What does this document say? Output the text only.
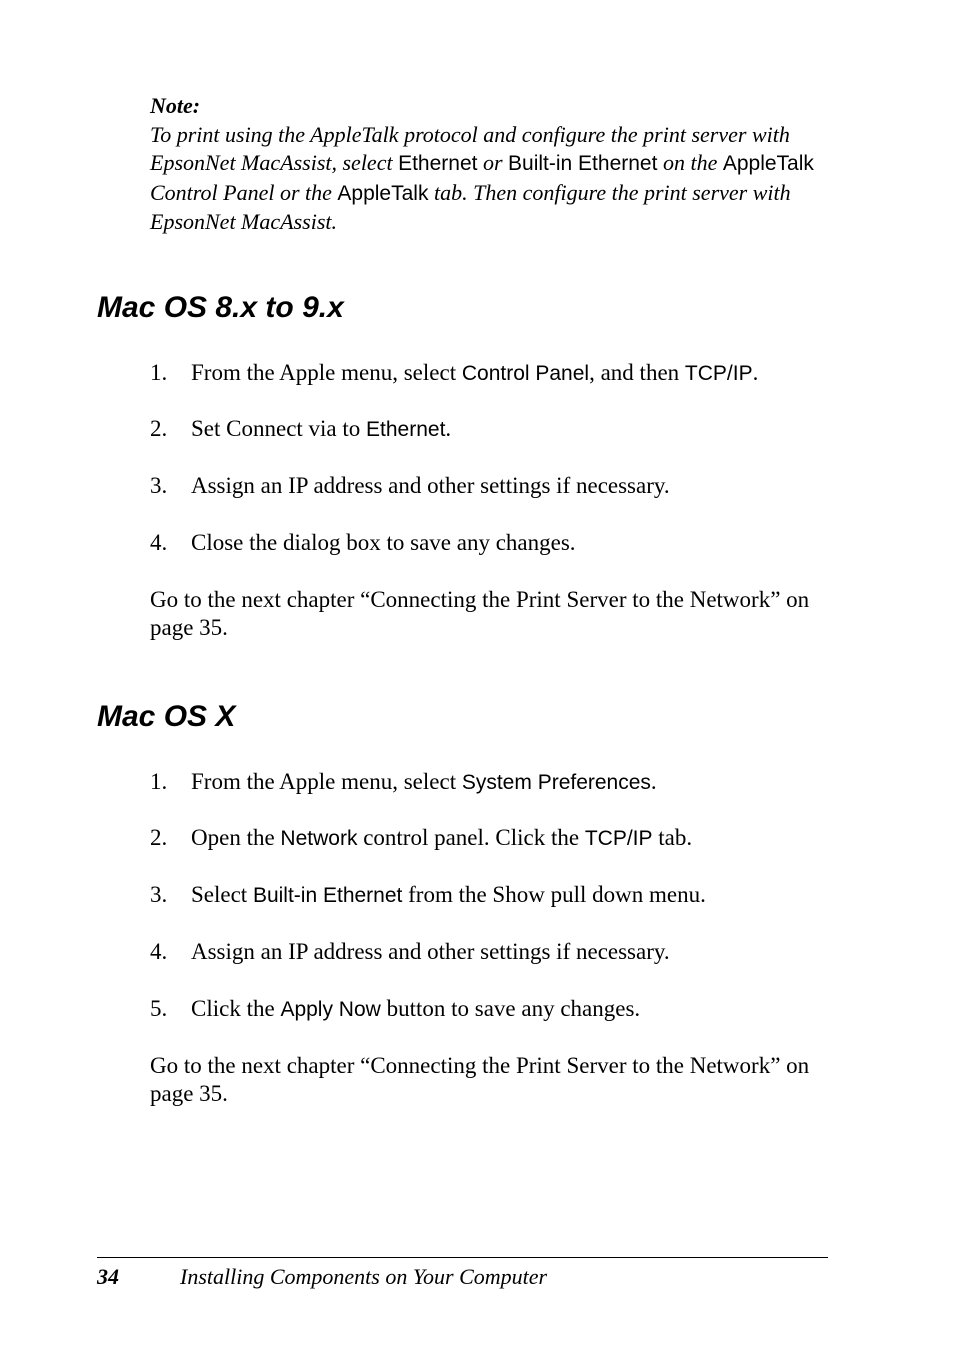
Note:
To print using the AppleTalk protocol and configure the print server with EpsonNet MacAssist, select Ethernet or Built-in Ethernet on the AppleTalk Control Panel or the AppleTalk tab. Then configure the print server with EpsonNet MacAssist.
Mac OS 8.x to 9.x
1. From the Apple menu, select Control Panel, and then TCP/IP.
2. Set Connect via to Ethernet.
3. Assign an IP address and other settings if necessary.
4. Close the dialog box to save any changes.
Go to the next chapter “Connecting the Print Server to the Network” on page 35.
Mac OS X
1. From the Apple menu, select System Preferences.
2. Open the Network control panel. Click the TCP/IP tab.
3. Select Built-in Ethernet from the Show pull down menu.
4. Assign an IP address and other settings if necessary.
5. Click the Apply Now button to save any changes.
Go to the next chapter “Connecting the Print Server to the Network” on page 35.
34	Installing Components on Your Computer
